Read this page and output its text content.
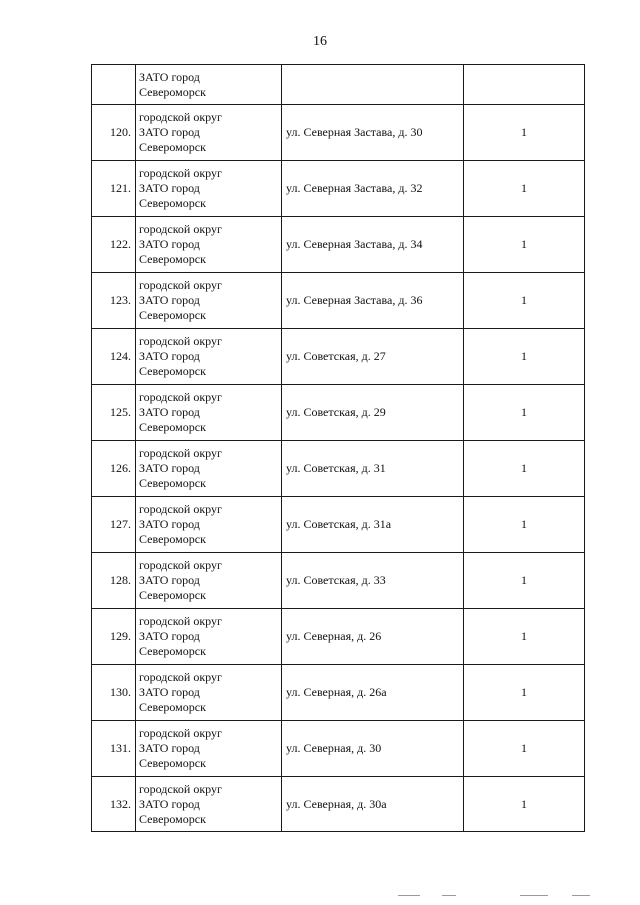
16

	ЗАТО город
Североморск		

120.	городской округ
ЗАТО город
Североморск	ул. Северная Застава, д. 30	1
121.	городской округ
ЗАТО город
Североморск	ул. Северная Застава, д. 32	1
122.	городской округ
ЗАТО город
Североморск	ул. Северная Застава, д. 34	1
123.	городской округ
ЗАТО город
Североморск	ул. Северная Застава, д. 36	1
124.	городской округ
ЗАТО город
Североморск	ул. Советская, д. 27	1
125.	городской округ
ЗАТО город
Североморск	ул. Советская, д. 29	1
126.	городской округ
ЗАТО город
Североморск	ул. Советская, д. 31	1
127.	городской округ
ЗАТО город
Североморск	ул. Советская, д. 31а	1
128.	городской округ
ЗАТО город
Североморск	ул. Советская, д. 33	1
129.	городской округ
ЗАТО город
Североморск	ул. Северная, д. 26	1
130.	городской округ
ЗАТО город
Североморск	ул. Северная, д. 26а	1
131.	городской округ
ЗАТО город
Североморск	ул. Северная, д. 30	1
132.	городской округ
ЗАТО город
Североморск	ул. Северная, д. 30а	1
